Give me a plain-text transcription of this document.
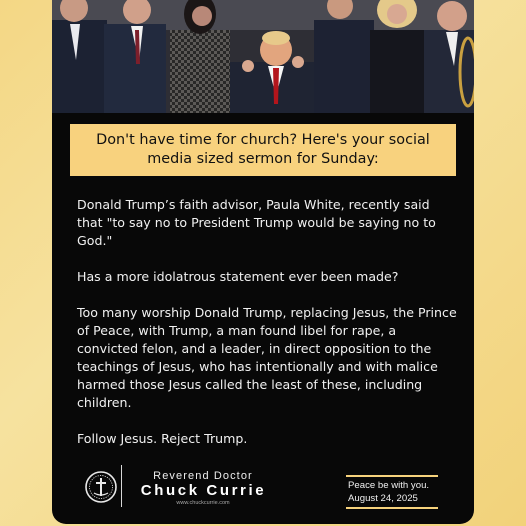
Don't have time for church? Here's your social media sized sermon for Sunday:

Donald Trump’s faith advisor, Paula White, recently said that "to say no to President Trump would be saying no to God."

Has a more idolatrous statement ever been made?

Too many worship Donald Trump, replacing Jesus, the Prince of Peace, with Trump, a man found libel for rape, a convicted felon, and a leader, in direct opposition to the teachings of Jesus, who has intentionally and with malice harmed those Jesus called the least of these, including children.

Follow Jesus. Reject Trump.

Reverend Doctor
Chuck Currie
www.chuckcurrie.com
Peace be with you.
August 24, 2025
